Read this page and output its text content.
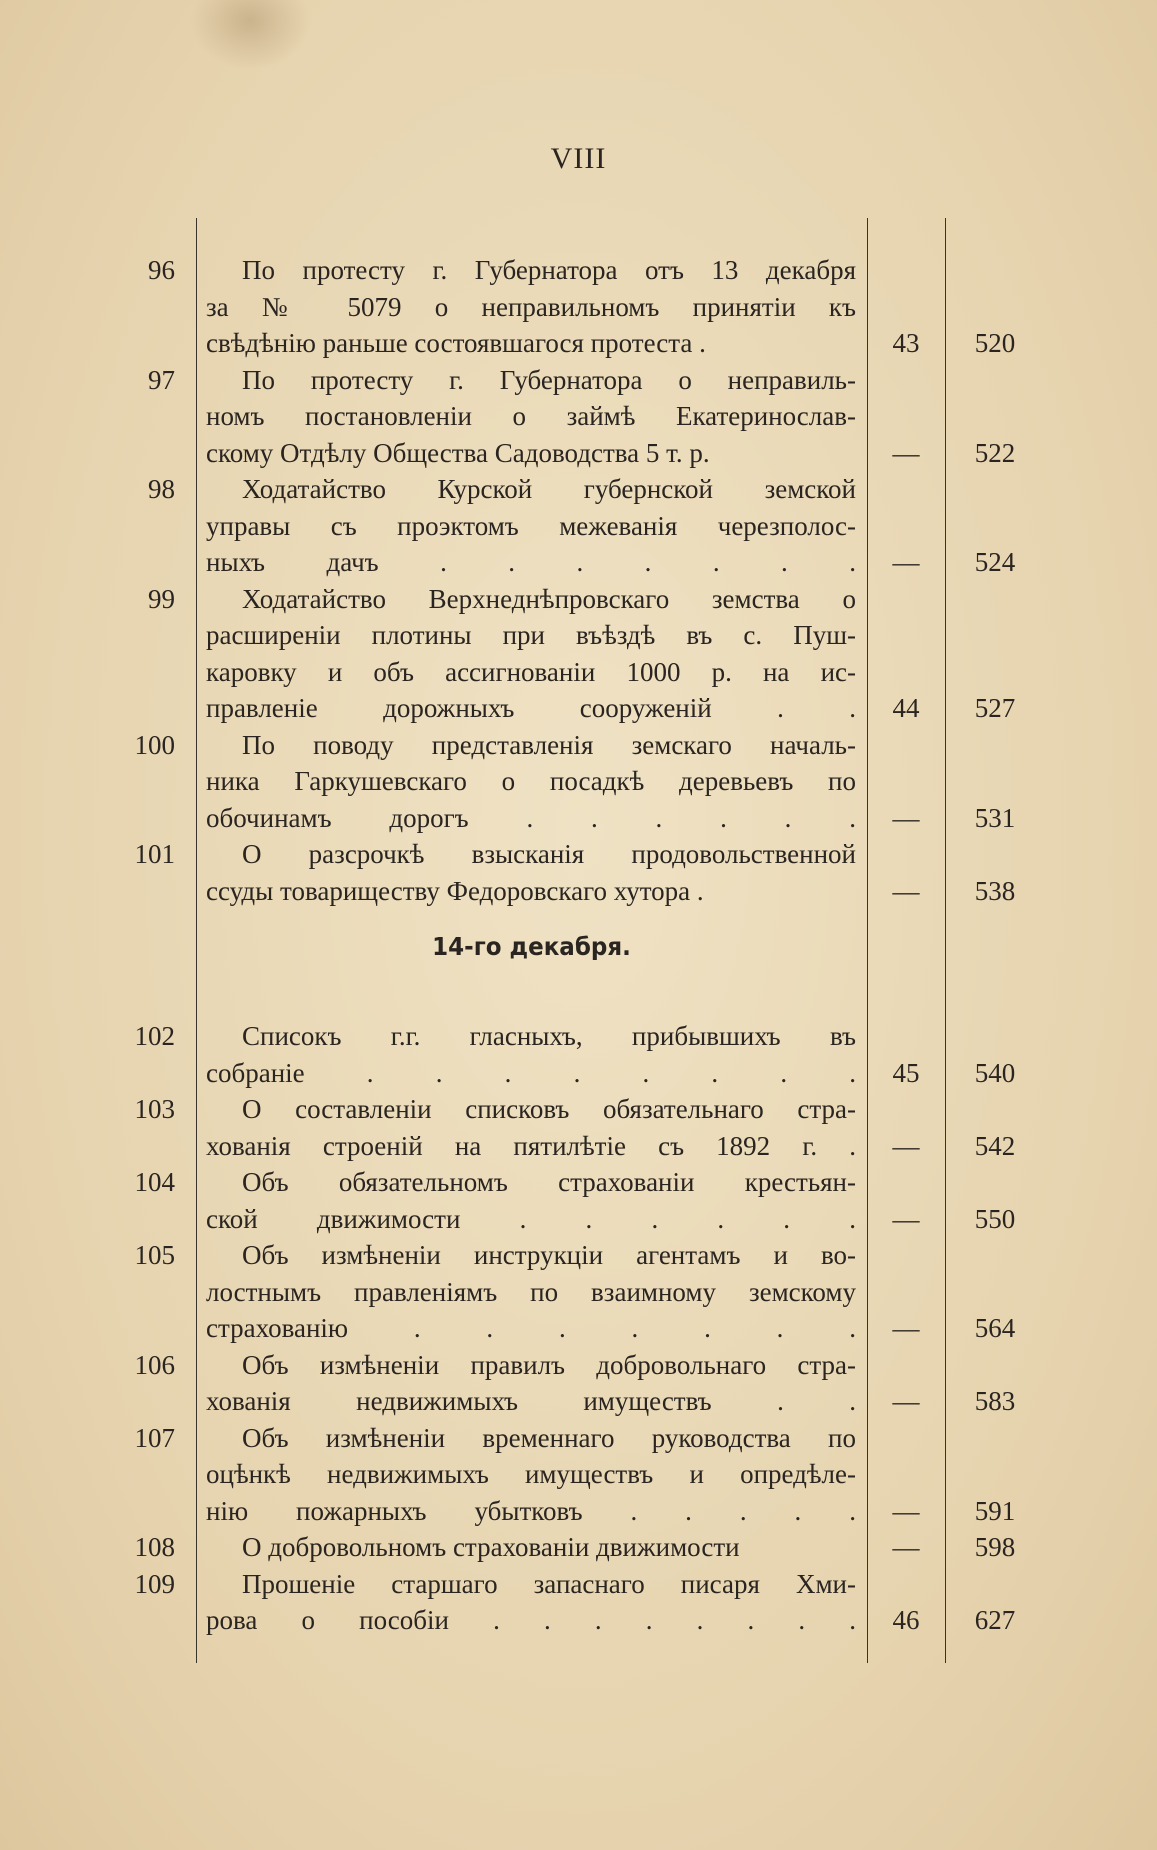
VIII
14-го декабря.
96 По протесту г. Губернатора отъ 13 декабря
за № 5079 о неправильномъ принятіи къ
свѣдѣнію раньше состоявшагося протеста .	43	520
97 По протесту г. Губернатора о неправиль-
номъ постановленіи о займѣ Екатеринослав-
скому Отдѣлу Общества Садоводства 5 т. р.	—	522
98 Ходатайство Курской губернской земской
управы съ проэктомъ межеванія черезполос-
ныхъ дачъ . . . . . . .	—	524
99 Ходатайство Верхнеднѣпровскаго земства о
расширеніи плотины при въѣздѣ въ с. Пуш-
каровку и объ ассигнованіи 1000 р. на ис-
правленіе дорожныхъ сооруженій . .	44	527
100 По поводу представленія земскаго началь-
ника Гаркушевскаго о посадкѣ деревьевъ по
обочинамъ дорогъ . . . . . .	—	531
101 О разсрочкѣ взысканія продовольственной
ссуды товариществу Федоровскаго хутора .	—	538
102 Списокъ г.г. гласныхъ, прибывшихъ въ
собраніе . . . . . . . .	45	540
103 О составленіи списковъ обязательнаго стра-
хованія строеній на пятилѣтіе съ 1892 г. .	—	542
104 Объ обязательномъ страхованіи крестьян-
ской движимости . . . . . .	—	550
105 Объ измѣненіи инструкціи агентамъ и во-
лостнымъ правленіямъ по взаимному земскому
страхованію . . . . . . .	—	564
106 Объ измѣненіи правилъ добровольнаго стра-
хованія недвижимыхъ имуществъ . .	—	583
107 Объ измѣненіи временнаго руководства по
оцѣнкѣ недвижимыхъ имуществъ и опредѣле-
нію пожарныхъ убытковъ . . . . .	—	591
108 О добровольномъ страхованіи движимости	—	598
109 Прошеніе старшаго запаснаго писаря Хми-
рова о пособіи . . . . . . . .	46	627
